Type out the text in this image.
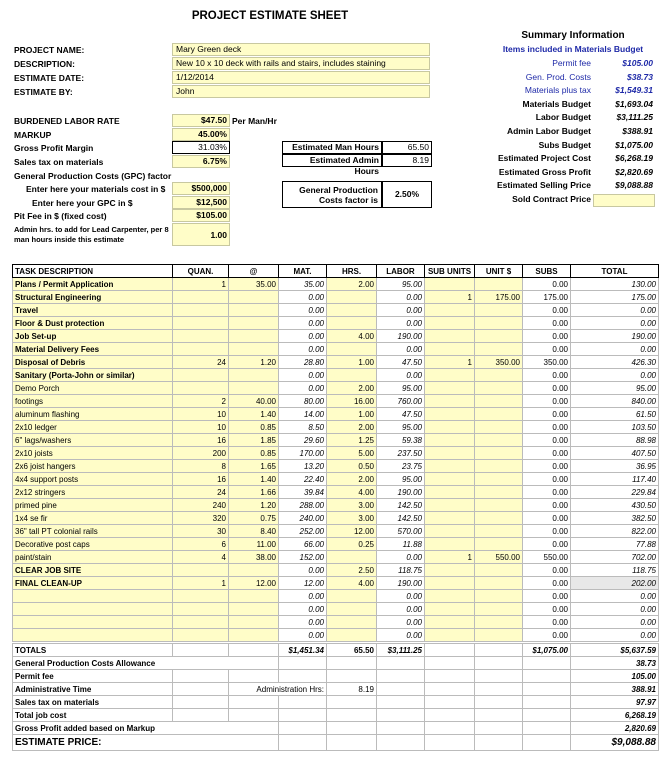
PROJECT ESTIMATE SHEET
PROJECT NAME:	Mary Green deck
DESCRIPTION:	New 10 x 10 deck with rails and stairs, includes staining
ESTIMATE DATE:	1/12/2014
ESTIMATE BY:	John
BURDENED LABOR RATE	$47.50 Per Man/Hr
MARKUP	45.00%
Gross Profit Margin	31.03%
Sales tax on materials	6.75%
General Production Costs (GPC) factor
Enter here your materials cost in $	$500,000
Enter here your GPC in $	$12,500
Pit Fee in $ (fixed cost)	$105.00
Admin hrs. to add for Lead Carpenter, per 8
man hours inside this estimate	1.00
Estimated Man Hours	65.50
Estimated Admin Hours
8.19
General Production
Costs factor is
2.50%
Summary Information
Items included in Materials Budget
Permit fee	$105.00
Gen. Prod. Costs	$38.73
Materials plus tax	$1,549.31
Materials Budget	$1,693.04
Labor Budget	$3,111.25
Admin Labor Budget	$388.91
Subs Budget	$1,075.00
Estimated Project Cost	$6,268.19
Estimated Gross Profit	$2,820.69
Estimated Selling Price	$9,088.88
Sold Contract Price
TASK DESCRIPTION	QUAN.	@	MAT.	HRS.	LABOR	SUB UNITS	UNIT $	SUBS	TOTAL
Plans / Permit Application	1	35.00	35.00	2.00	95.00			0.00	130.00
Structural Engineering			0.00		0.00	1	175.00	175.00	175.00
Travel			0.00		0.00			0.00	0.00
Floor & Dust protection			0.00		0.00			0.00	0.00
Job Set-up			0.00	4.00	190.00			0.00	190.00
Material Delivery Fees			0.00		0.00			0.00	0.00
Disposal of Debris	24	1.20	28.80	1.00	47.50	1	350.00	350.00	426.30
Sanitary (Porta-John or similar)			0.00		0.00			0.00	0.00
Demo Porch			0.00	2.00	95.00			0.00	95.00
footings	2	40.00	80.00	16.00	760.00			0.00	840.00
aluminum flashing	10	1.40	14.00	1.00	47.50			0.00	61.50
2x10 ledger	10	0.85	8.50	2.00	95.00			0.00	103.50
6" lags/washers	16	1.85	29.60	1.25	59.38			0.00	88.98
2x10 joists	200	0.85	170.00	5.00	237.50			0.00	407.50
2x6 joist hangers	8	1.65	13.20	0.50	23.75			0.00	36.95
4x4 support posts	16	1.40	22.40	2.00	95.00			0.00	117.40
2x12 stringers	24	1.66	39.84	4.00	190.00			0.00	229.84
primed pine	240	1.20	288.00	3.00	142.50			0.00	430.50
1x4 se fir	320	0.75	240.00	3.00	142.50			0.00	382.50
36" tall PT colonial rails	30	8.40	252.00	12.00	570.00			0.00	822.00
Decorative post caps	6	11.00	66.00	0.25	11.88			0.00	77.88
paint/stain	4	38.00	152.00		0.00	1	550.00	550.00	702.00
CLEAR JOB SITE			0.00	2.50	118.75			0.00	118.75
FINAL CLEAN-UP	1	12.00	12.00	4.00	190.00			0.00	202.00
			0.00		0.00			0.00	0.00
			0.00		0.00			0.00	0.00
			0.00		0.00			0.00	0.00
			0.00		0.00			0.00	0.00
TOTALS			$1,451.34	65.50	$3,111.25			$1,075.00	$5,637.59
General Production Costs Allowance									38.73
Permit fee									105.00
Administrative Time		Administration Hrs:		8.19					388.91
Sales tax on materials									97.97
Total job cost									6,268.19
Gross Profit added based on Markup									2,820.69
ESTIMATE PRICE:									$9,088.88
